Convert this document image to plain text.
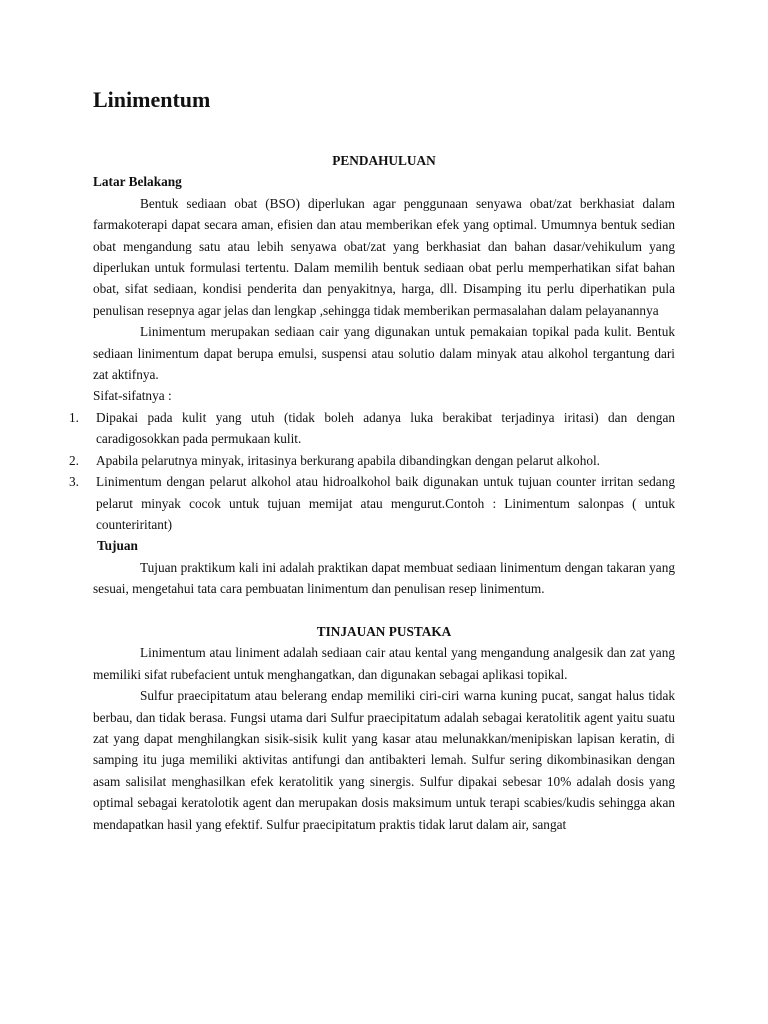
Linimentum

PENDAHULUAN

Latar Belakang

Bentuk sediaan obat (BSO) diperlukan agar penggunaan senyawa obat/zat berkhasiat dalam farmakoterapi dapat secara aman, efisien dan atau memberikan efek yang optimal. Umumnya bentuk sedian obat mengandung satu atau lebih senyawa obat/zat yang berkhasiat dan bahan dasar/vehikulum yang diperlukan untuk formulasi tertentu. Dalam memilih bentuk sediaan obat perlu memperhatikan sifat bahan obat, sifat sediaan, kondisi penderita dan penyakitnya, harga, dll. Disamping itu perlu diperhatikan pula penulisan resepnya agar jelas dan lengkap ,sehingga tidak memberikan permasalahan dalam pelayanannya

Linimentum merupakan sediaan cair yang digunakan untuk pemakaian topikal pada kulit. Bentuk sediaan linimentum dapat berupa emulsi, suspensi atau solutio dalam minyak atau alkohol tergantung dari zat aktifnya.

Sifat-sifatnya :

1. Dipakai pada kulit yang utuh (tidak boleh adanya luka berakibat terjadinya iritasi) dan dengan caradigosokkan pada permukaan kulit.
2. Apabila pelarutnya minyak, iritasinya berkurang apabila dibandingkan dengan pelarut alkohol.
3. Linimentum dengan pelarut alkohol atau hidroalkohol baik digunakan untuk tujuan counter irritan sedang pelarut minyak cocok untuk tujuan memijat atau mengurut.Contoh : Linimentum salonpas ( untuk counteriritant)

Tujuan

Tujuan praktikum kali ini adalah praktikan dapat membuat sediaan linimentum dengan takaran yang sesuai, mengetahui tata cara pembuatan linimentum dan penulisan resep linimentum.

TINJAUAN PUSTAKA

Linimentum atau liniment adalah sediaan cair atau kental yang mengandung analgesik dan zat yang memiliki sifat rubefacient untuk menghangatkan, dan digunakan sebagai aplikasi topikal.

Sulfur praecipitatum atau belerang endap memiliki ciri-ciri warna kuning pucat, sangat halus tidak berbau, dan tidak berasa. Fungsi utama dari Sulfur praecipitatum adalah sebagai keratolitik agent yaitu suatu zat yang dapat menghilangkan sisik-sisik kulit yang kasar atau melunakkan/menipiskan lapisan keratin, di samping itu juga memiliki aktivitas antifungi dan antibakteri lemah. Sulfur sering dikombinasikan dengan asam salisilat menghasilkan efek keratolitik yang sinergis. Sulfur dipakai sebesar 10% adalah dosis yang optimal sebagai keratolotik agent dan merupakan dosis maksimum untuk terapi scabies/kudis sehingga akan mendapatkan hasil yang efektif. Sulfur praecipitatum praktis tidak larut dalam air, sangat
